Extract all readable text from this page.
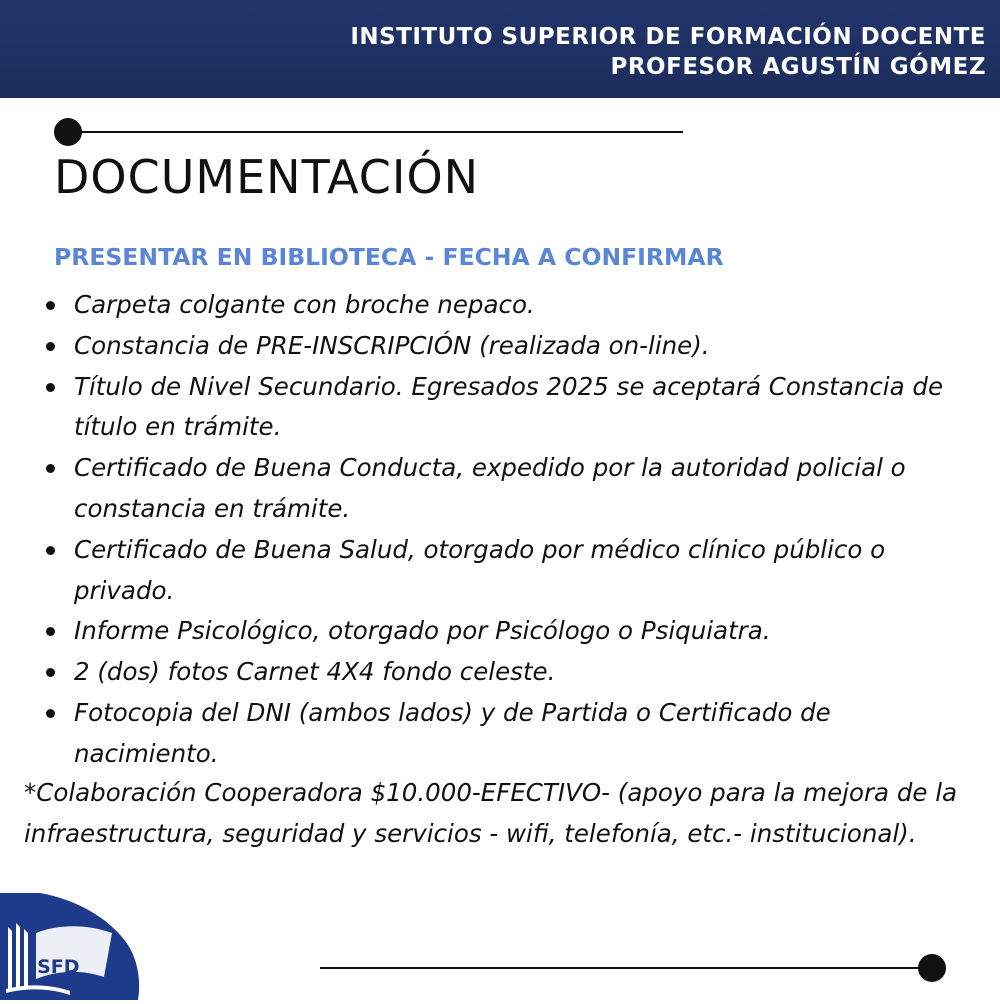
INSTITUTO SUPERIOR DE FORMACIÓN DOCENTE
PROFESOR AGUSTÍN GÓMEZ
DOCUMENTACIÓN
PRESENTAR EN BIBLIOTECA - FECHA A CONFIRMAR
Carpeta colgante con broche nepaco.
Constancia de PRE-INSCRIPCIÓN (realizada on-line).
Título de Nivel Secundario. Egresados 2025 se aceptará Constancia de título en trámite.
Certificado de Buena Conducta, expedido por la autoridad policial o constancia en trámite.
Certificado de Buena Salud, otorgado por médico clínico público o privado.
Informe Psicológico, otorgado por Psicólogo o Psiquiatra.
2 (dos) fotos Carnet 4X4 fondo celeste.
Fotocopia del DNI (ambos lados) y de Partida o Certificado de nacimiento.
*Colaboración Cooperadora $10.000-EFECTIVO- (apoyo para la mejora de la infraestructura, seguridad y servicios - wifi, telefonía, etc.- institucional).
ISFD
